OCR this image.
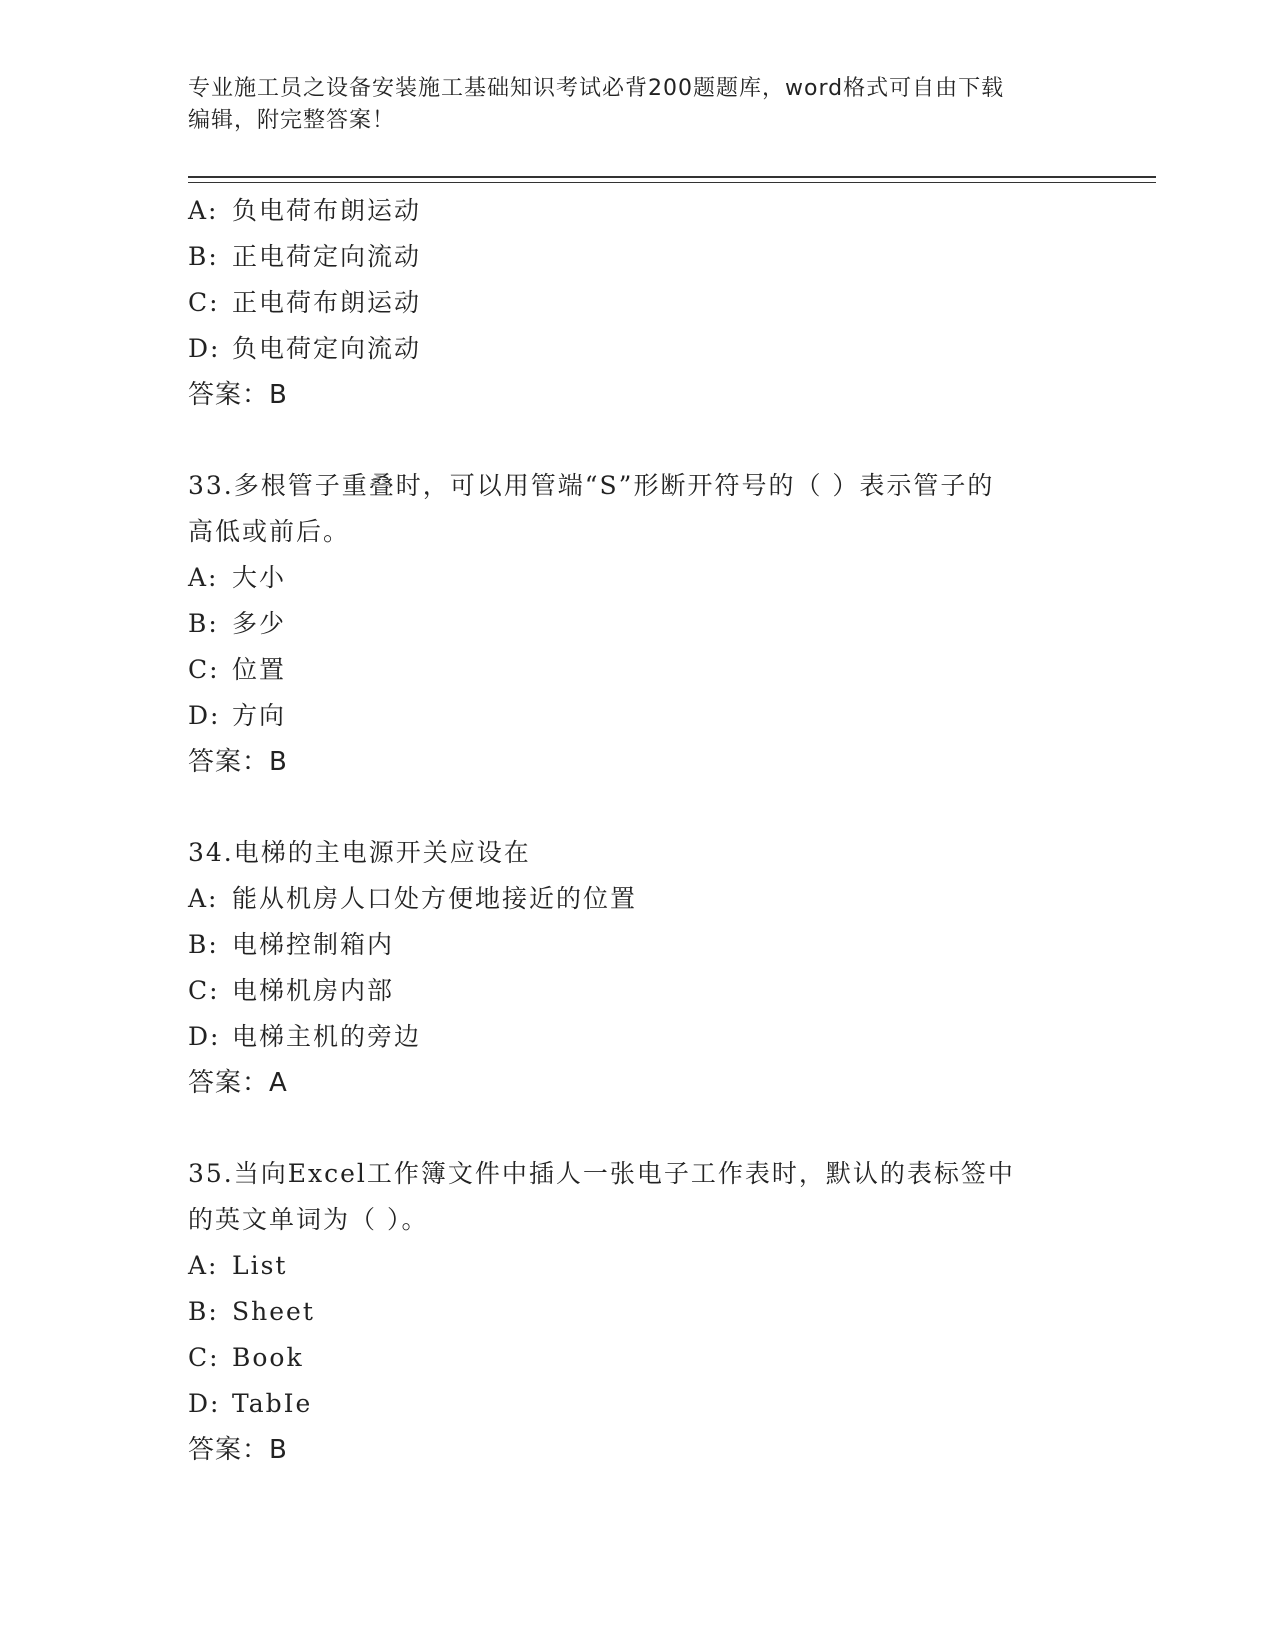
专业施工员之设备安装施工基础知识考试必背200题题库，word格式可自由下载
编辑，附完整答案！
A: 负电荷布朗运动
B: 正电荷定向流动
C: 正电荷布朗运动
D: 负电荷定向流动
答案：B
33.多根管子重叠时，可以用管端“S”形断开符号的（ ）表示管子的
高低或前后。
A: 大小
B: 多少
C: 位置
D: 方向
答案：B
34.电梯的主电源开关应设在
A: 能从机房人口处方便地接近的位置
B: 电梯控制箱内
C: 电梯机房内部
D: 电梯主机的旁边
答案：A
35.当向Excel工作簿文件中插人一张电子工作表时，默认的表标签中
的英文单词为（ ）。
A: List
B: Sheet
C: Book
D: TabIe
答案：B
